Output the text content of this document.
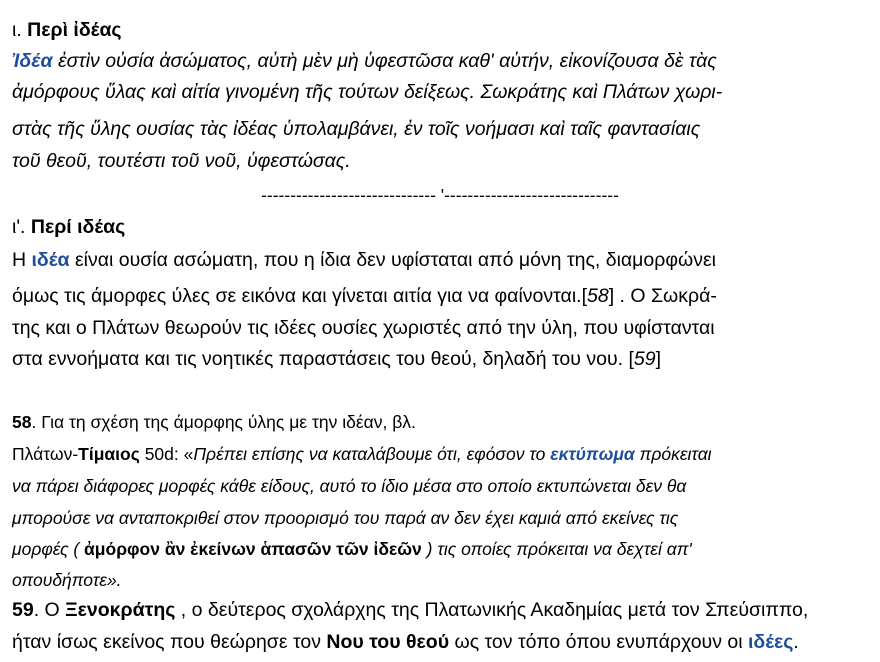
ι. Περὶ ἰδέας
Ἰδέα ἐστὶν οὐσία ἀσώματος, αὐτὴ μὲν μὴ ὑφεστῶσα καθ' αὑτήν, εἰκονίζουσα δὲ τὰς
ἀμόρφους ὕλας καὶ αἰτία γινομένη τῆς τούτων δείξεως. Σωκράτης καὶ Πλάτων χωρι-
στὰς τῆς ὕλης ουσίας τὰς ἰδέας ὑπολαμβάνει, ἐν τοῖς νοήμασι καὶ ταῖς φαντασίαις
τοῦ θεοῦ, τουτέστι τοῦ νοῦ, ὑφεστώσας.
------------------------------ '------------------------------
ι'. Περί ιδέας
Η ιδέα είναι ουσία ασώματη, που η ίδια δεν υφίσταται από μόνη της, διαμορφώνει
όμως τις άμορφες ύλες σε εικόνα και γίνεται αιτία για να φαίνονται.[58] . Ο Σωκρά-
της και ο Πλάτων θεωρούν τις ιδέες ουσίες χωριστές από την ύλη, που υφίστανται
στα εννοήματα και τις νοητικές παραστάσεις του θεού, δηλαδή του νου. [59]
58. Για τη σχέση της άμορφης ύλης με την ιδέαν, βλ.
Πλάτων-Τίμαιος 50d: «Πρέπει επίσης να καταλάβουμε ότι, εφόσον το εκτύπωμα πρόκειται
να πάρει διάφορες μορφές κάθε είδους, αυτό το ίδιο μέσα στο οποίο εκτυπώνεται δεν θα
μπορούσε να ανταποκριθεί στον προορισμό του παρά αν δεν έχει καμιά από εκείνες τις
μορφές ( ἀμόρφον ἂν ἐκείνων ἁπασῶν τῶν ἰδεῶν ) τις οποίες πρόκειται να δεχτεί απ'
οπουδήποτε».
59. Ο Ξενοκράτης , ο δεύτερος σχολάρχης της Πλατωνικής Ακαδημίας μετά τον Σπεύσιππο,
ήταν ίσως εκείνος που θεώρησε τον Νου του θεού ως τον τόπο όπου ενυπάρχουν οι ιδέες.
